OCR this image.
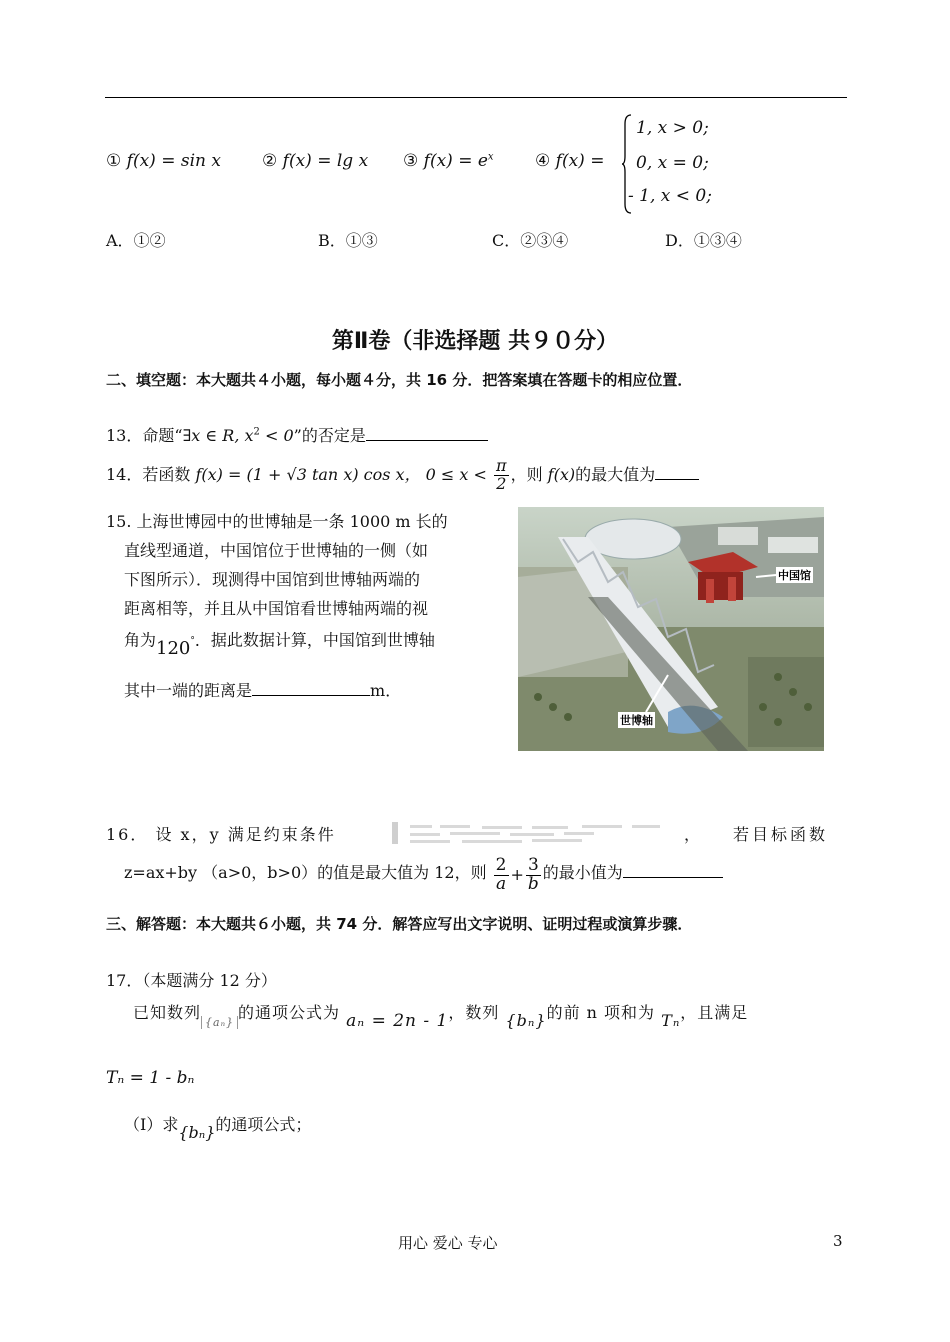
① f(x) = sin x ② f(x) = lg x ③ $f(x) = e^x$ ④ f(x) =
1, x > 0;
0, x = 0;
- 1, x < 0;
A．①②	B．①③	C．②③④	D．①③④
第Ⅱ卷（非选择题 共９０分）
二、填空题：本大题共４小题，每小题４分，共 16 分．把答案填在答题卡的相应位置．
13．命题“∃x ∈ R, $x^2 < 0$”的否定是
14．若函数 f(x) = (1 + √3 tan x) cos x， $0 \le x < \frac{\pi}{2}$ ，则 f(x)的最大值为

15. 上海世博园中的世博轴是一条 1000 m 长的

直线型通道，中国馆位于世博轴的一侧（如

下图所示）．现测得中国馆到世博轴两端的

距离相等，并且从中国馆看世博轴两端的视

角为120°．据此数据计算，中国馆到世博轴

其中一端的距离是	m．

中国馆
世博轴
16． 设 x，y 满足约束条件	， 若目标函数
z=ax+by （a>0，b>0）的值是最大值为 12，则 $\frac{2}{a} + \frac{3}{b}$ 的最小值为
三、解答题：本大题共６小题，共 74 分．解答应写出文字说明、证明过程或演算步骤．
17．（本题满分 12 分）
已知数列$_{\{a_n\}}$的通项公式为 aₙ = 2n - 1，数列 {bₙ}的前 n 项和为 Tₙ，且满足
Tₙ = 1 - bₙ
（I）求{bₙ}的通项公式；
用心 爱心 专心	3
